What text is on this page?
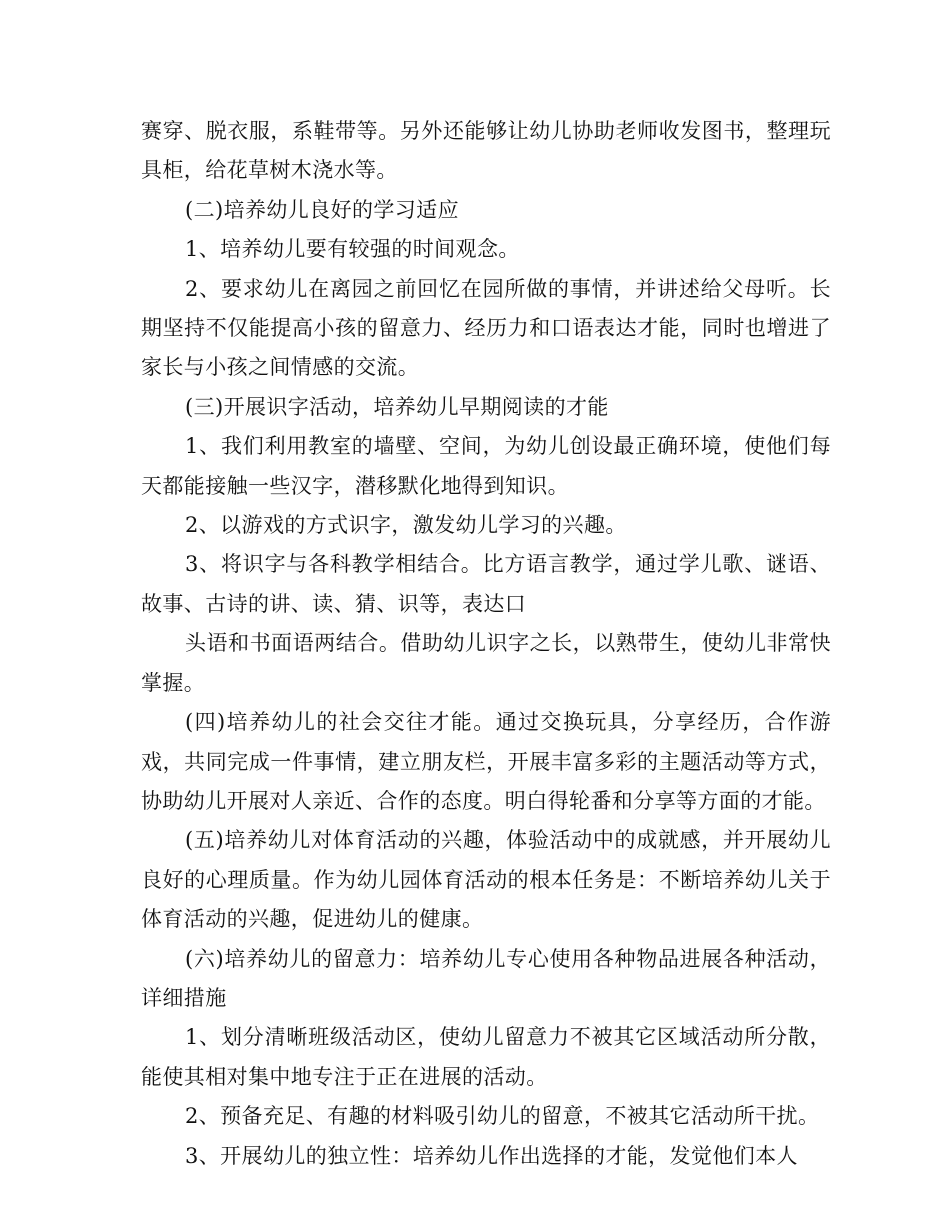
赛穿、脱衣服，系鞋带等。另外还能够让幼儿协助老师收发图书，整理玩具柜，给花草树木浇水等。

(二)培养幼儿良好的学习适应

1、培养幼儿要有较强的时间观念。

2、要求幼儿在离园之前回忆在园所做的事情，并讲述给父母听。长期坚持不仅能提高小孩的留意力、经历力和口语表达才能，同时也增进了家长与小孩之间情感的交流。

(三)开展识字活动，培养幼儿早期阅读的才能

1、我们利用教室的墙壁、空间，为幼儿创设最正确环境，使他们每天都能接触一些汉字，潜移默化地得到知识。

2、以游戏的方式识字，激发幼儿学习的兴趣。

3、将识字与各科教学相结合。比方语言教学，通过学儿歌、谜语、故事、古诗的讲、读、猜、识等，表达口

头语和书面语两结合。借助幼儿识字之长，以熟带生，使幼儿非常快掌握。

(四)培养幼儿的社会交往才能。通过交换玩具，分享经历，合作游戏，共同完成一件事情，建立朋友栏，开展丰富多彩的主题活动等方式，协助幼儿开展对人亲近、合作的态度。明白得轮番和分享等方面的才能。

(五)培养幼儿对体育活动的兴趣，体验活动中的成就感，并开展幼儿良好的心理质量。作为幼儿园体育活动的根本任务是：不断培养幼儿关于体育活动的兴趣，促进幼儿的健康。

(六)培养幼儿的留意力：培养幼儿专心使用各种物品进展各种活动，详细措施

1、划分清晰班级活动区，使幼儿留意力不被其它区域活动所分散，能使其相对集中地专注于正在进展的活动。

2、预备充足、有趣的材料吸引幼儿的留意，不被其它活动所干扰。

3、开展幼儿的独立性：培养幼儿作出选择的才能，发觉他们本人
